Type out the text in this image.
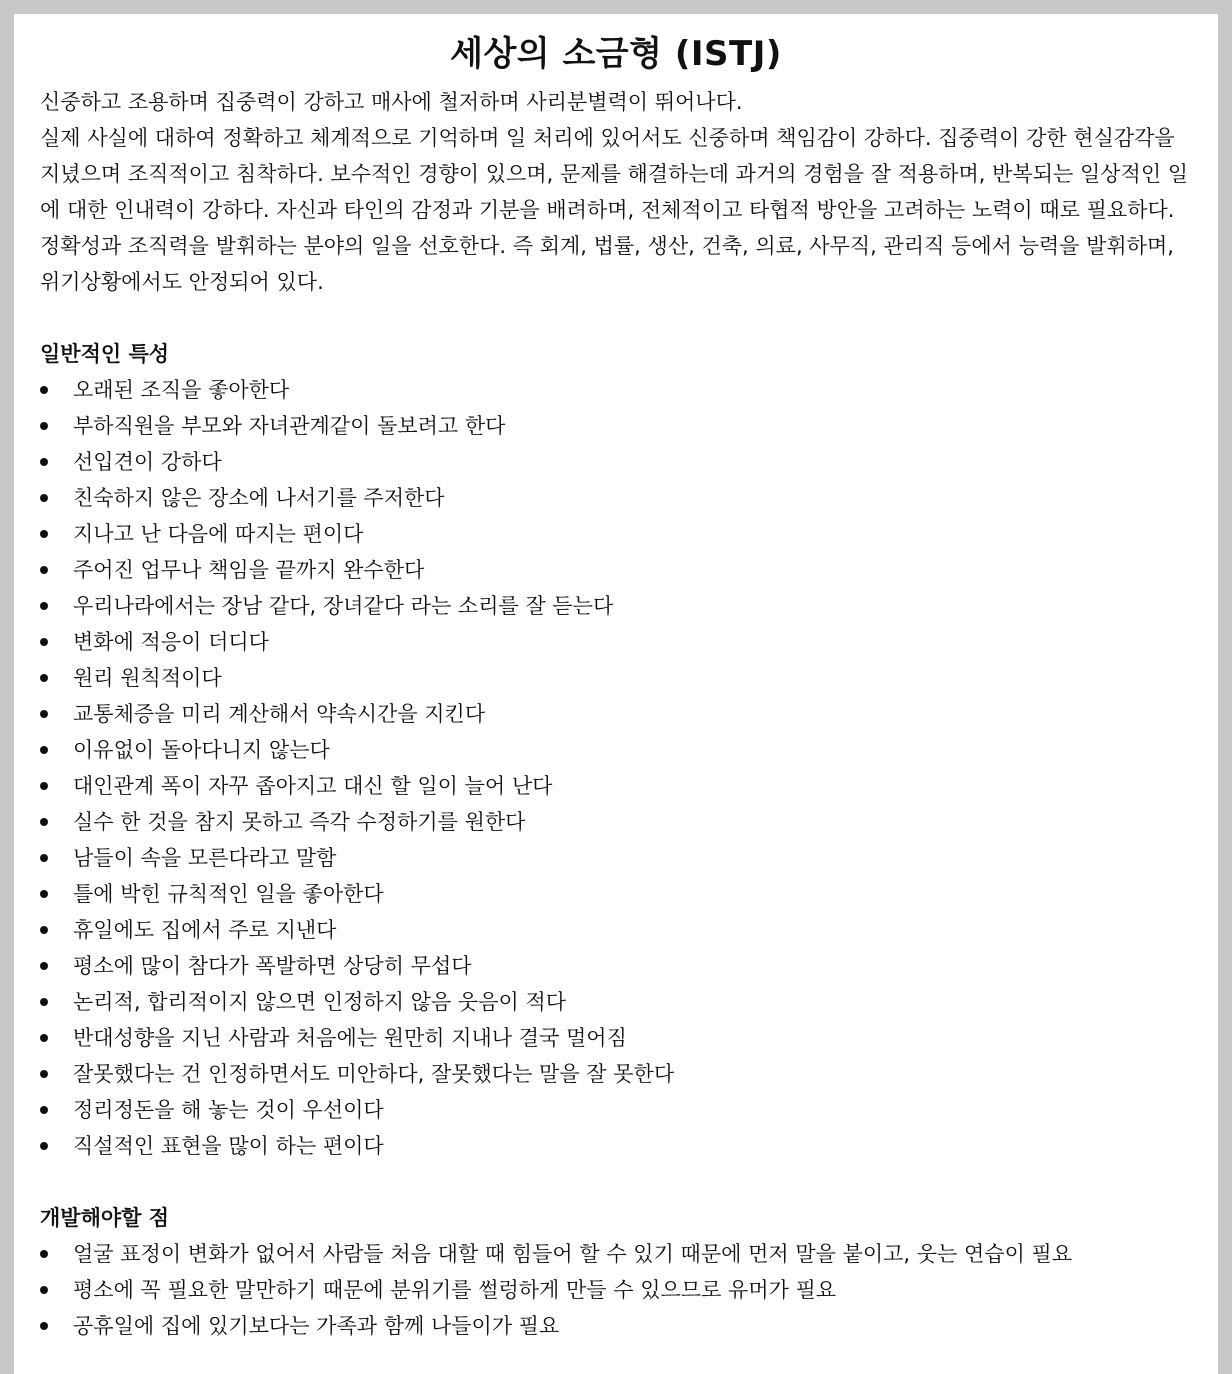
세상의 소금형 (ISTJ)

신중하고 조용하며 집중력이 강하고 매사에 철저하며 사리분별력이 뛰어나다.

실제 사실에 대하여 정확하고 체계적으로 기억하며 일 처리에 있어서도 신중하며 책임감이 강하다. 집중력이 강한 현실감각을 지녔으며 조직적이고 침착하다. 보수적인 경향이 있으며, 문제를 해결하는데 과거의 경험을 잘 적용하며, 반복되는 일상적인 일에 대한 인내력이 강하다. 자신과 타인의 감정과 기분을 배려하며, 전체적이고 타협적 방안을 고려하는 노력이 때로 필요하다. 정확성과 조직력을 발휘하는 분야의 일을 선호한다. 즉 회계, 법률, 생산, 건축, 의료, 사무직, 관리직 등에서 능력을 발휘하며, 위기상황에서도 안정되어 있다.

일반적인 특성
오래된 조직을 좋아한다
부하직원을 부모와 자녀관계같이 돌보려고 한다
선입견이 강하다
친숙하지 않은 장소에 나서기를 주저한다
지나고 난 다음에 따지는 편이다
주어진 업무나 책임을 끝까지 완수한다
우리나라에서는 장남 같다, 장녀같다 라는 소리를 잘 듣는다
변화에 적응이 더디다
원리 원칙적이다
교통체증을 미리 계산해서 약속시간을 지킨다
이유없이 돌아다니지 않는다
대인관계 폭이 자꾸 좁아지고 대신 할 일이 늘어 난다
실수 한 것을 참지 못하고 즉각 수정하기를 원한다
남들이 속을 모른다라고 말함
틀에 박힌 규칙적인 일을 좋아한다
휴일에도 집에서 주로 지낸다
평소에 많이 참다가 폭발하면 상당히 무섭다
논리적, 합리적이지 않으면 인정하지 않음 웃음이 적다
반대성향을 지닌 사람과 처음에는 원만히 지내나 결국 멀어짐
잘못했다는 건 인정하면서도 미안하다, 잘못했다는 말을 잘 못한다
정리정돈을 해 놓는 것이 우선이다
직설적인 표현을 많이 하는 편이다
개발해야할 점
얼굴 표정이 변화가 없어서 사람들 처음 대할 때 힘들어 할 수 있기 때문에 먼저 말을 붙이고, 웃는 연습이 필요
평소에 꼭 필요한 말만하기 때문에 분위기를 썰렁하게 만들 수 있으므로 유머가 필요
공휴일에 집에 있기보다는 가족과 함께 나들이가 필요
